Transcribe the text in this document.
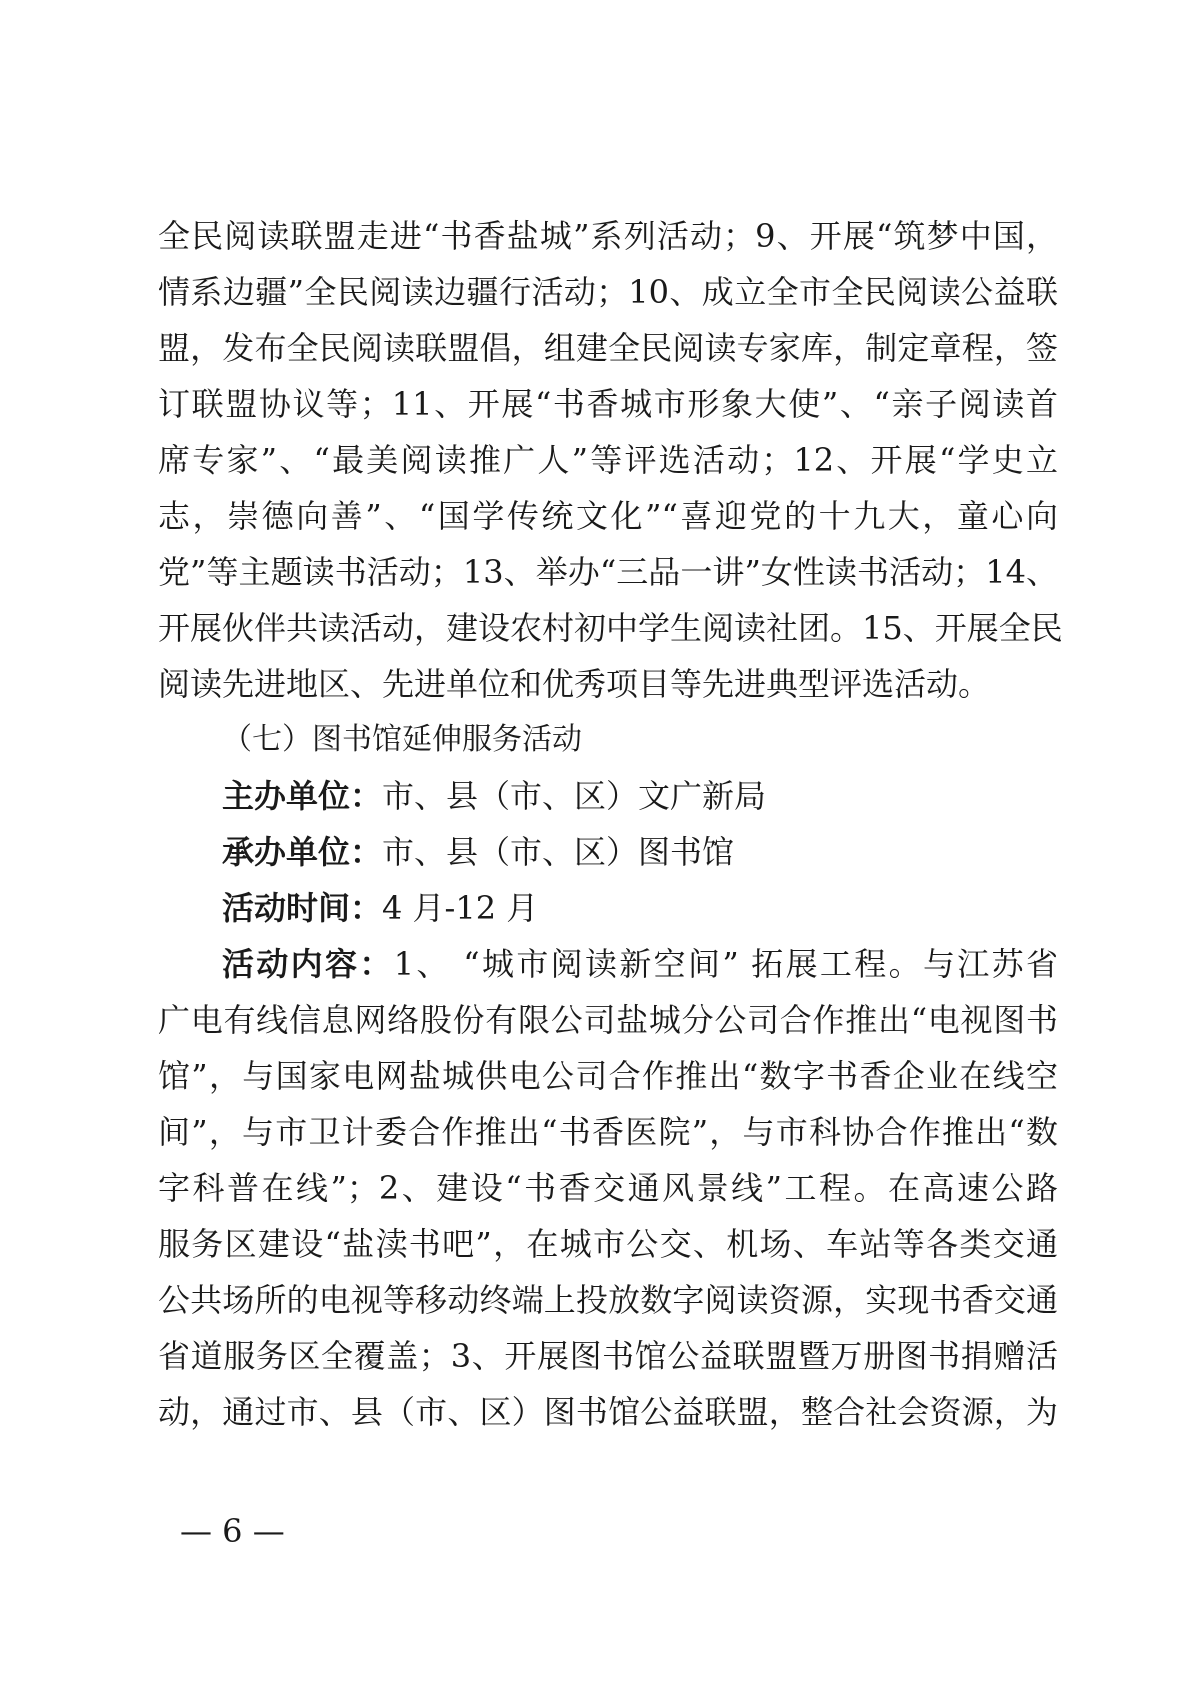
全民阅读联盟走进“书香盐城”系列活动；9、开展“筑梦中国，
情系边疆”全民阅读边疆行活动；10、成立全市全民阅读公益联
盟，发布全民阅读联盟倡，组建全民阅读专家库，制定章程，签
订联盟协议等；11、开展“书香城市形象大使”、“亲子阅读首
席专家”、“最美阅读推广人”等评选活动；12、开展“学史立
志，崇德向善”、“国学传统文化”“喜迎党的十九大，童心向
党”等主题读书活动；13、举办“三品一讲”女性读书活动；14、
开展伙伴共读活动，建设农村初中学生阅读社团。15、开展全民
阅读先进地区、先进单位和优秀项目等先进典型评选活动。
（七）图书馆延伸服务活动
主办单位：市、县（市、区）文广新局
承办单位：市、县（市、区）图书馆
活动时间：4 月-12 月
活动内容：1、 “城市阅读新空间” 拓展工程。与江苏省
广电有线信息网络股份有限公司盐城分公司合作推出“电视图书
馆”，与国家电网盐城供电公司合作推出“数字书香企业在线空
间”，与市卫计委合作推出“书香医院”，与市科协合作推出“数
字科普在线”；2、建设“书香交通风景线”工程。在高速公路
服务区建设“盐渎书吧”，在城市公交、机场、车站等各类交通
公共场所的电视等移动终端上投放数字阅读资源，实现书香交通
省道服务区全覆盖；3、开展图书馆公益联盟暨万册图书捐赠活
动，通过市、县（市、区）图书馆公益联盟，整合社会资源，为
— 6 —
